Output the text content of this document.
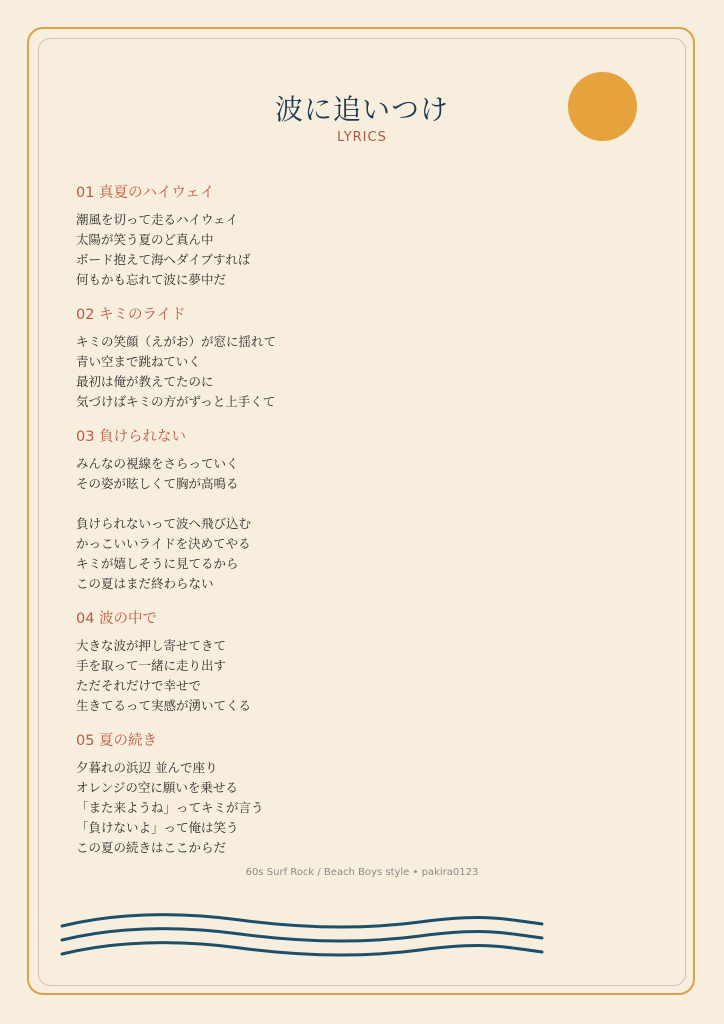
波に追いつけ
LYRICS
01 真夏のハイウェイ
潮風を切って走るハイウェイ
太陽が笑う夏のど真ん中
ボード抱えて海へダイブすれば
何もかも忘れて波に夢中だ
02 キミのライド
キミの笑顔（えがお）が窓に揺れて
青い空まで跳ねていく
最初は俺が教えてたのに
気づけばキミの方がずっと上手くて
03 負けられない
みんなの視線をさらっていく
その姿が眩しくて胸が高鳴る
負けられないって波へ飛び込む
かっこいいライドを決めてやる
キミが嬉しそうに見てるから
この夏はまだ終わらない
04 波の中で
大きな波が押し寄せてきて
手を取って一緒に走り出す
ただそれだけで幸せで
生きてるって実感が湧いてくる
05 夏の続き
夕暮れの浜辺 並んで座り
オレンジの空に願いを乗せる
「また来ようね」ってキミが言う
「負けないよ」って俺は笑う
この夏の続きはここからだ
60s Surf Rock / Beach Boys style • pakira0123
